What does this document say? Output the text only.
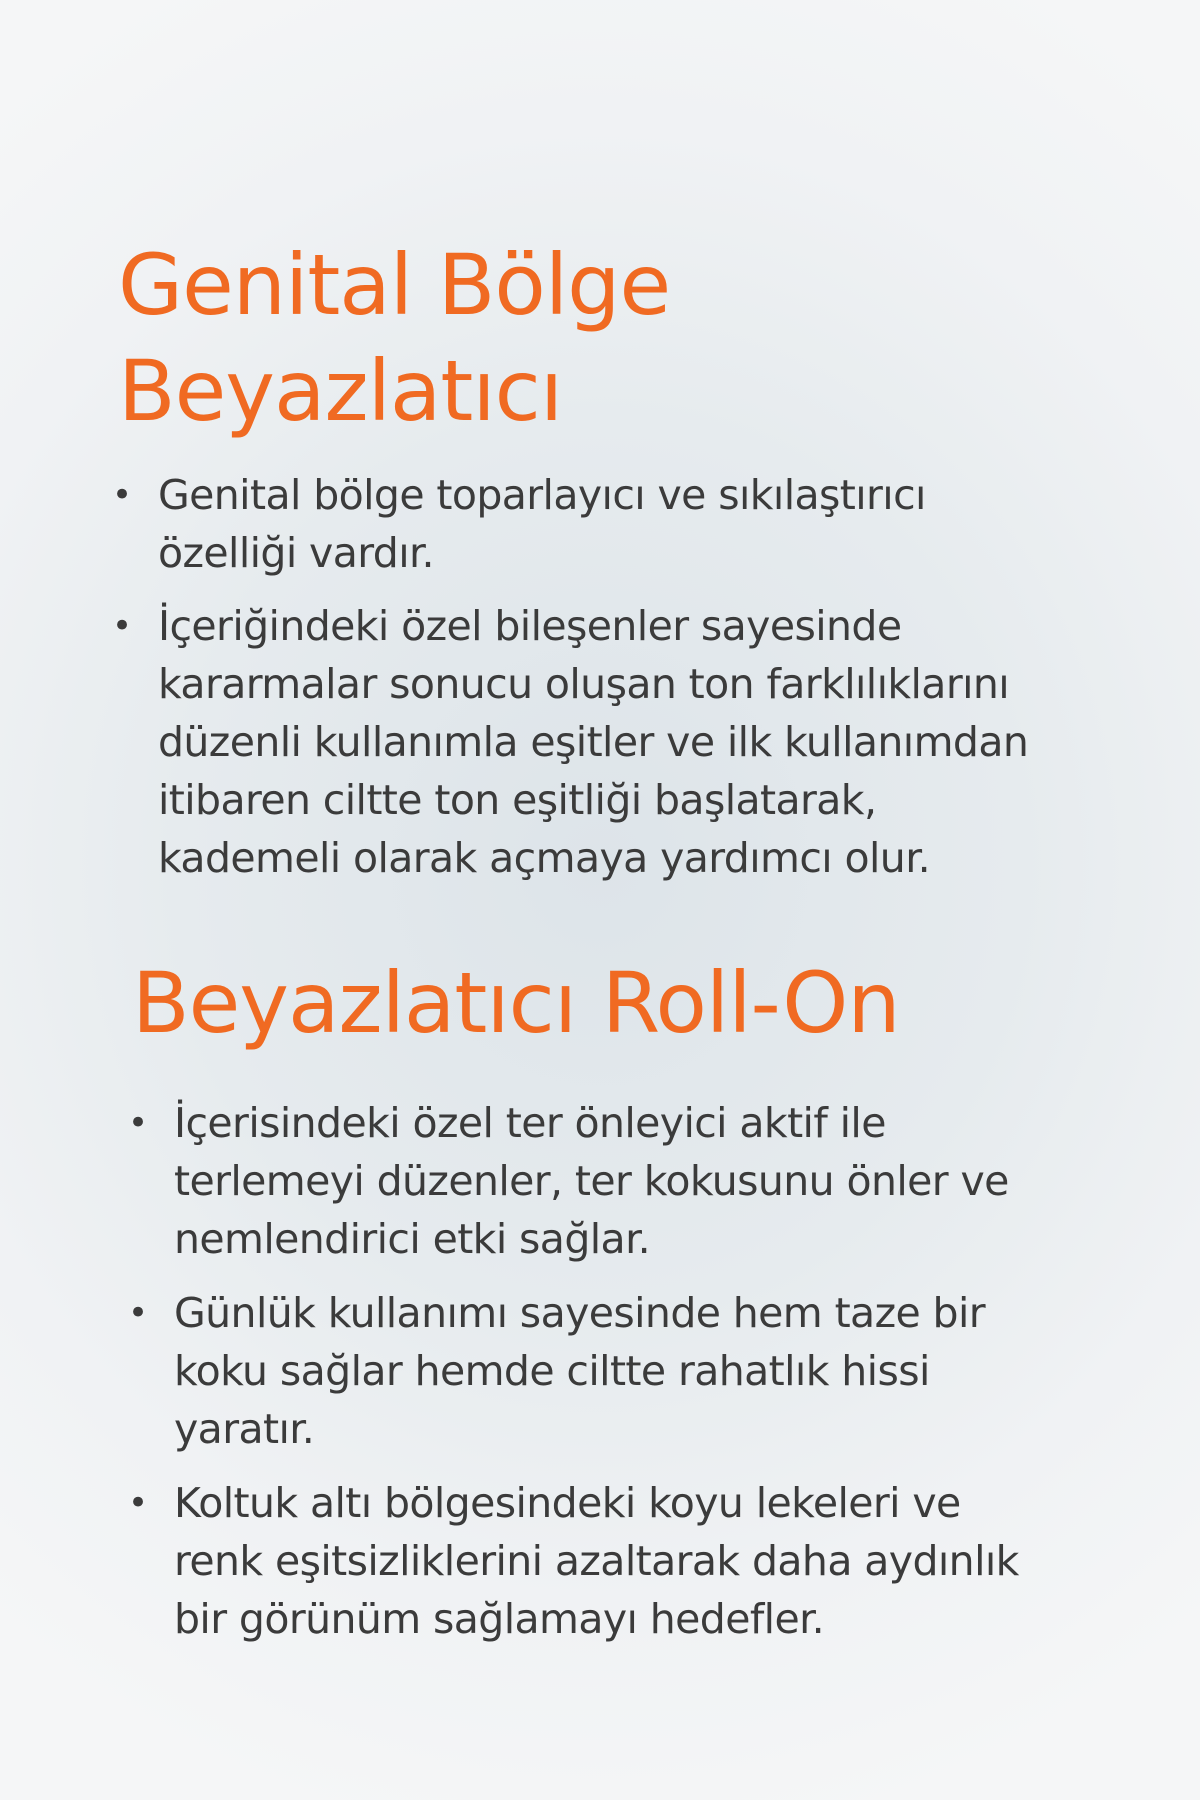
Genital Bölge
Beyazlatıcı
• Genital bölge toparlayıcı ve sıkılaştırıcı
özelliği vardır.
• İçeriğindeki özel bileşenler sayesinde
kararmalar sonucu oluşan ton farklılıklarını
düzenli kullanımla eşitler ve ilk kullanımdan
itibaren ciltte ton eşitliği başlatarak,
kademeli olarak açmaya yardımcı olur.
Beyazlatıcı Roll-On
• İçerisindeki özel ter önleyici aktif ile
terlemeyi düzenler, ter kokusunu önler ve
nemlendirici etki sağlar.
• Günlük kullanımı sayesinde hem taze bir
koku sağlar hemde ciltte rahatlık hissi
yaratır.
• Koltuk altı bölgesindeki koyu lekeleri ve
renk eşitsizliklerini azaltarak daha aydınlık
bir görünüm sağlamayı hedefler.
